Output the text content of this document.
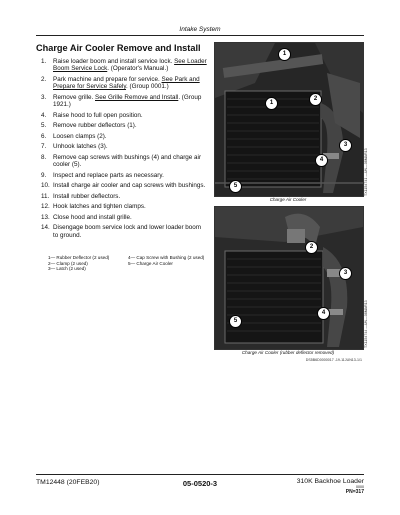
Intake System
Charge Air Cooler Remove and Install
1.	Raise loader boom and install service lock. See Loader Boom Service Lock. (Operator's Manual.)
2.	Park machine and prepare for service. See Park and Prepare for Service Safely. (Group 0001.)
3.	Remove grille. See Grille Remove and Install. (Group 1921.)
4.	Raise hood to full open position.
5.	Remove rubber deflectors (1).
6.	Loosen clamps (2).
7.	Unhook latches (3).
8.	Remove cap screws with bushings (4) and charge air cooler (5).
9.	Inspect and replace parts as necessary.
10. Install charge air cooler and cap screws with bushings.
11. Install rubber deflectors.
12. Hook latches and tighten clamps.
13. Close hood and install grille.
14. Disengage boom service lock and lower loader boom to ground.
1— Rubber Deflector (2 used)
2— Clamp (2 used)
3— Latch (2 used)
4— Cap Screw with Bushing (2 used)
5— Charge Air Cooler
1
1
2
3
4
5	TX1154741 —UN—08MAR13
Charge Air Cooler
2
3
4
5	TX1154744 —UN—08MAR13
Charge Air Cooler (rubber deflector removed)
DS5B6D0000017 -19-11JUN13-1/1
TM12448 (20FEB20)	05-0520-3	310K Backhoe Loader
0000
PN=317
